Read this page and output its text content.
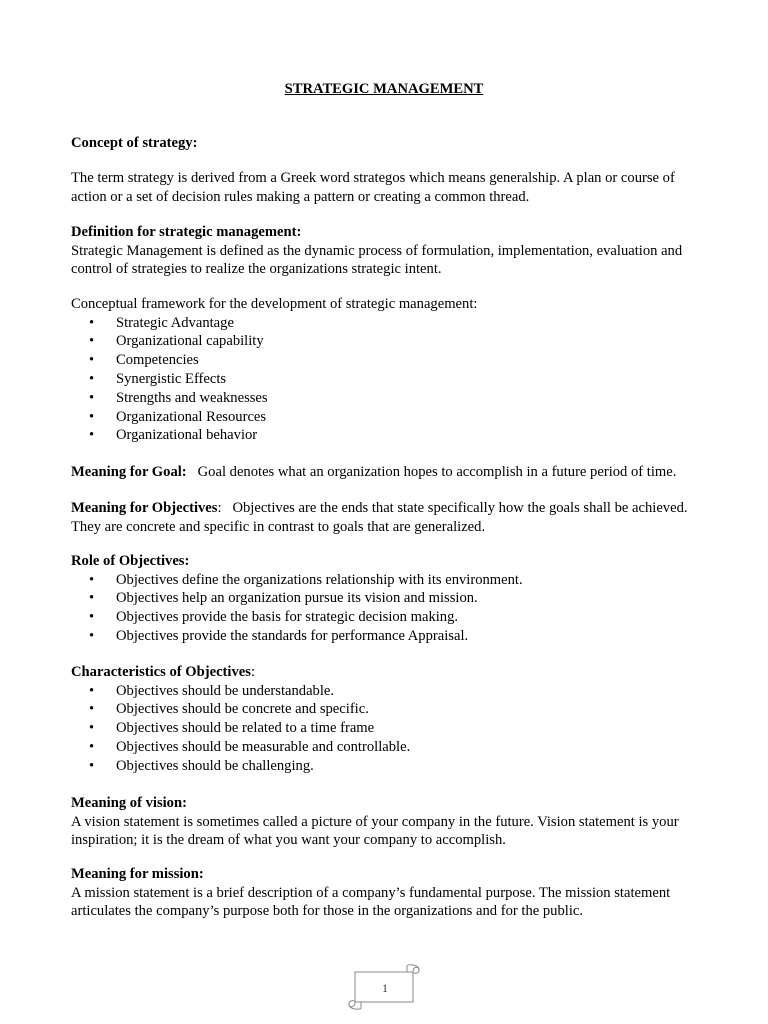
STRATEGIC MANAGEMENT

Concept of strategy:

The term strategy is derived from a Greek word strategos which means generalship. A plan or course of action or a set of decision rules making a pattern or creating a common thread.

Definition for strategic management:

Strategic Management is defined as the dynamic process of formulation, implementation, evaluation and control of strategies to realize the organizations strategic intent.

Conceptual framework for the development of strategic management:

• Strategic Advantage
• Organizational capability
• Competencies
• Synergistic Effects
• Strengths and weaknesses
• Organizational Resources
• Organizational behavior

Meaning for Goal: Goal denotes what an organization hopes to accomplish in a future period of time.

Meaning for Objectives:   Objectives are the ends that state specifically how the goals shall be achieved. They are concrete and specific in contrast to goals that are generalized.

Role of Objectives:

• Objectives define the organizations relationship with its environment.
• Objectives help an organization pursue its vision and mission.
• Objectives provide the basis for strategic decision making.
• Objectives provide the standards for performance Appraisal.

Characteristics of Objectives:

• Objectives should be understandable.
• Objectives should be concrete and specific.
• Objectives should be related to a time frame
• Objectives should be measurable and controllable.
• Objectives should be challenging.

Meaning of vision:

A vision statement is sometimes called a picture of your company in the future. Vision statement is your inspiration; it is the dream of what you want your company to accomplish.

Meaning for mission:

A mission statement is a brief description of a company’s fundamental purpose. The mission statement articulates the company’s purpose both for those in the organizations and for the public.

1
